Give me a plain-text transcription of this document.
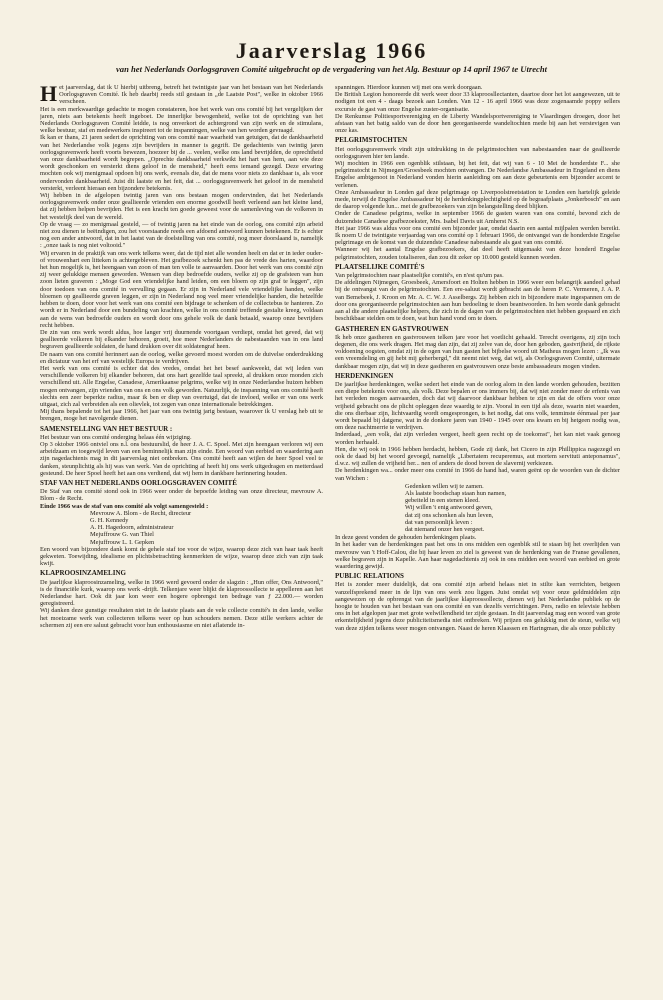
Jaarverslag 1966
van het Nederlands Oorlogsgraven Comité uitgebracht op de vergadering van het Alg. Bestuur op 14 april 1967 te Utrecht

Het jaarverslag, dat ik U hierbij uitbreng, betreft het twintigste jaar van het bestaan van het Nederlands Oorlogsgraven Comité. Ik heb daarbij reeds stil gestaan in „de Laatste Post", welke in oktober 1966 verscheen.

Het is een merkwaardige gedachte te mogen constateren, hoe het werk van ons comité bij het vergelijken der jaren, niets aan betekenis heeft ingeboet. De innerlijke bewogenheid, welke tot de oprichting van het Nederlands Oorlogsgraven Comité leidde, is nog onverkort de achtergrond van zijn werk en de stimulans, welke bestuur, staf en medewerkers inspireert tot de inspanningen, welke van hen worden gevraagd.

Ik kan er thans, 21 jaren sedert de oprichting van ons comité naar waarheid van getuigen, dat de dankbaarheid van het Nederlandse volk jegens zijn bevrijders in manner is gegrift. De gedachtenis van twintig jaren oorlogsgravenwerk heeft voorts bewezen, hoezeer bij de ... veelen, welke ons land bevrijdden, de oprechtheid van onze dankbaarheid wordt begrepen. „Oprechte dankbaarheid verkwikt het hart van hem, aan wie deze wordt geschonken en versterkt diens geloof in de mensheid," heeft eens iemand gezegd. Deze ervaring mochten ook wij menigmaal opdoen bij ons werk, evenals die, dat de mens voor niets zo dankbaar is, als voor ondervonden dankbaarheid. Juist dit laatste en het feit, dat ... oorlogsgravenwerk het geloof in de mensheid versterkt, verleent hieraan een bijzondere betekenis.

Wij hebben in de afgelopen twintig jaren van ons bestaan mogen ondervinden, dat het Nederlands oorlogsgravenwerk onder onze geallieerde vrienden een enorme goodwill heeft verleend aan het kleine land, dat zij hebben helpen bevrijden. Het is een kracht ten goede geweest voor de samenleving van de volkeren in het westelijk deel van de wereld.

Op de vraag — zo menigmaal gesteld, — of twintig jaren na het einde van de oorlog, ons comité zijn arbeid niet zou dienen te beëindigen, zou het voorstaande reeds een afdoend antwoord kunnen betekenen. Er is echter nog een ander antwoord, dat in het laatst van de doelstelling van ons comité, nog meer doorslaand is, namelijk : „onze taak is nog niet voltooid."

Wij ervaren in de praktijk van ons werk telkens weer, dat de tijd niet alle wonden heelt en dat er in ieder ouder- of vrouwenhart een litteken is achtergebleven. Het grafbezoek schenkt hen pas de vrede des harten, waardoor het hun mogelijk is, het heengaan van zoon of man ten volle te aanvaarden. Door het werk van ons comité zijn zij weer gelukkige mensen geworden. Wensen van diep bedroefde ouders, welke zij op de grafsteen van hun zoon lieten graveren : „Moge God een vriendelijke hand leiden, om een bloem op zijn graf te leggen", zijn door toedoen van ons comité in vervulling gegaan. Er zijn in Nederland vele vriendelijke handen, welke bloemen op geallieerde graven leggen, er zijn in Nederland nog veel meer vriendelijke handen, die hetzelfde hebben te doen, door voor het werk van ons comité een bijdrage te schenken of de collectebus te hanteren. Zo wordt er in Nederland door een bundeling van krachten, welke in ons comité treffende gestalte kreeg, voldaan aan de wens van bedroefde ouders en wordt door ons gehele volk de dank betaald, waarop onze bevrijders recht hebben.

De zin van ons werk wordt aldus, hoe langer vrij duurnende voortgaan verdiept, omdat het geved, dat wij geallieerde volkeren bij elkander behoren, groeit, hoe meer Nederlanders de nabestaanden van in ons land begraven geallieerde soldaten, de hand drukken over dit soldatengraf heen.

De naam van ons comité herinnert aan de oorlog, welke gevoerd moest worden om de duivelse onderdrukking en dictatuur van het erf van westelijk Europa te verdrijven.

Het werk van ons comité is echter dat des vredes, omdat het het besef aankweekt, dat wij leden van verschillende volkeren bij elkander behoren, dat ons hart gezelfde taal spreekt, al drukken onze monden zich verschillend uit. Alle Engelse, Canadese, Amerikaanse pelgrims, welke wij in onze Nederlandse huizen hebben mogen ontvangen, zijn vrienden van ons en ons volk geworden. Natuurlijk, de inspanning van ons comité heeft slechts een zeer beperkte radius, maar ik ben er diep van overtuigd, dat de invloed, welke er van ons werk uitgaat, zich zal verbreiden als een olievlek, tot zegen van onze internationale betrekkingen.

Mij thans bepalende tot het jaar 1966, het jaar van ons twintig jarig bestaan, waarover ik U verslag heb uit te brengen, moge het navolgende dienen.

SAMENSTELLING VAN HET BESTUUR :

Het bestuur van ons comité onderging helaas één wijziging.

Op 3 oktober 1966 ontviel ons n.l. ons bestuurslid, de heer J. A. C. Spoel. Met zijn heengaan verloren wij een arbeidzaam en toegewijd leven van een beminnelijk man zijn einde. Een woord van eerbied en waardering aan zijn nagedachtenis mag in dit jaarverslag niet ontbreken. Ons comité heeft aan wijlen de heer Spoel veel te danken, steunplichtig als hij was van werk. Van de oprichting af heeft hij ons werk uitgedragen en metterdaad gesteund. De heer Spoel heeft het aan ons verdiend, dat wij hem in dankbare herinnering houden.

STAF VAN HET NEDERLANDS OORLOGSGRAVEN COMITÉ

De Staf van ons comité stond ook in 1966 weer onder de bepoefde leiding van onze directeur, mevrouw A. Blom - de Recht.

Einde 1966 was de staf van ons comité als volgt samengesteld :

Mevrouw A. Blom - de Recht, directeur
G. H. Kennedy
A. H. Hagedoorn, administrateur
Mejuffrouw G. van Thiel
Mejuffrouw L. I. Gepken

Een woord van bijzondere dank komt de gehele staf toe voor de wijze, waarop deze zich van haar taak heeft gekweten. Toewijding, idealisme en plichtsbetrachting kenmerkten de wijze, waarop deze zich van zijn taak kwijt.

KLAPROOSINZAMELING

De jaarlijkse klaproosinzameling, welke in 1966 werd gevoerd onder de slagzin : „Hun offer, Ons Antwoord," is de financiële kurk, waarop ons werk -drijft. Telkenjare weer blijkt de klaproossollecte te appelleren aan het Nederlandse hart. Ook dit jaar kon weer een hogere opbrengst ten bedrage van ƒ 22.000.— worden geregistreerd.

Wij danken deze gunstige resultaten niet in de laatste plaats aan de vele collecte comité's in den lande, welke het moeizame werk van collecteren telkens weer op hun schouders nemen. Deze stille werkers achter de schermen zij een ere saluut gebracht voor hun enthousiasme en niet aflatende in-

spanningen. Hierdoor kunnen wij met ons werk doorgaan.

De British Legion honoreerde dit werk weer door 33 klaproosllectanten, daartoe door het lot aangewezen, uit te nodigen tot een 4 - daags bezoek aan Londen. Van 12 - 16 april 1966 was deze zogenaamde poppy sellers excursie de gast van onze Engelse zuster-organisatie.

De Renkumse Politiesportvereniging en de Liberty Wandelsportvereniging te Vlaardingen droegen, door het afstaan van het batig saldo van de door hen georganiseerde wandeltochten mede bij aan het verstevigen van onze kas.

PELGRIMSTOCHTEN

Het oorlogsgravenwerk vindt zijn uitdrukking in de pelgrimstochten van nabestaanden naar de geallieerde oorlogsgraven hier ten lande.

Wij mochten in 1966 een ogenblik stilstaan, bij het feit, dat wij van 6 - 10 Mei de honderdste F... she pelgrimstocht in Nijmegen/Groesbeek mochten ontvangen. De Nederlandse Ambassadeur in Engeland en diens Engelse ambtgenoot in Nederland vonden hierin aanleiding om aan deze gebeurtenis een bijzonder accent te verlenen.

Onze Ambassadeur in Londen gaf deze pelgrimage op Liverpoolstreetstation te Londen een hartelijk geleide mede, terwijl de Engelse Ambassadeur bij de herdenkingplechtigheid op de begraafplaats „Jonkerbosch" en aan de daarop volgende lun... met de grafbezoekers van zijn belangstelling deed blijken.

Onder de Canadese pelgrims, welke in september 1966 de gasten waren van ons comité, bevond zich de duizendste Canadese grafbezoekster, Mrs. Isabel Davis uit Amherst N.S.

Het jaar 1966 was aldus voor ons comité een bijzonder jaar, omdat daarin een aantal mijlpalen werden bereikt. Ik noem U de twintigste verjaardag van ons comité op 1 februari 1966, de ontvangst van de honderdste Engelse pelgrimage en de komst van de duizendste Canadese nabestaande als gast van ons comité.

Wanneer wij het aantal Engelse grafbezoekers, dat deel heeft uitgemaakt van deze honderd Engelse pelgrimstochten, zouden totaliseren, dan zou dit zeker op 10.000 gesteld kunnen worden.

PLAATSELIJKE COMITÉ'S

Van pelgrimstochten naar plaatselijke comité's, en n'est qu'um pas.

De afdelingen Nijmegen, Groesbeek, Amersfoort en Holten hebben in 1966 weer een belangrijk aandeel gehad bij de ontvangst van de pelgrimstochten. Een ere-saluut wordt gebracht aan de heren P. C. Vermeren, J. A. P. van Bemebeek, J. Kroon en Mr. A. C. W. J. Asselbergs. Zij hebben zich in bijzondere mate ingespannen om de door ons georganiseerde pelgrimstochten aan hun bedoeling te doen beantwoorden. In hen worde dank gebracht aan al die andere plaatselijke helpers, die zich in de dagen van de pelgrimstochten niet hebben gespaard en zich beschikbaar stelden om te doen, wat hun hand vond om te doen.

GASTHEREN EN GASTVROUWEN

Ik heb onze gastheren en gastvrouwen telken jare voor het voetlicht gehaald. Terecht overigens, zij zijn toch degenen, die ons werk dragen. Het mag dan zijn, dat zij zelve van de, door hen geboden, gastvrijheid, de rijkste voldoening oogsten, omdat zij in de ogen van hun gasten het bijbelse woord uit Matheus mogen lezen : „Ik was een vreemdeling en gij hebt mij geherbergd," dit neemt niet weg, dat wij, als Oorlogsgraven Comité, uitermate dankbaar mogen zijn, dat wij in deze gastheren en gastvrouwen onze beste ambassadeurs mogen vinden.

HERDENKINGEN

De jaarlijkse herdenkingen, welke sedert het einde van de oorlog alom in den lande worden gehouden, bezitten een diepe betekenis voor ons, als volk. Deze bepalen er ons immers bij, dat wij niet zonder meer de erfenis van het verleden mogen aanvaarden, doch dat wij daarvoor dankbaar hebben te zijn en dat de offers voor onze vrijheid gebracht ons de plicht opleggen deze waardig te zijn. Vooral in een tijd als deze, waarin niet waarden, die ons dierbaar zijn, lichtvaardig wordt omgesprongen, is het nodig, dat ons volk, tenminste éénmaal per jaar wordt bepaald bij datgene, wat in de donkere jaren van 1940 - 1945 over ons kwam en bij hetgeen nodig was, om deze nachtmerrie te verdrijven.

Inderdaad, „een volk, dat zijn verleden vergeet, heeft geen recht op de toekomst", het kan niet vaak genoeg worden herhaald.

Hen, die wij ook in 1966 hebben herdacht, hebben, Gode zij dank, het Cicero in zijn Phillippica nagezegd en ook de daad bij het woord gevoegd, namelijk „Libertatem recuperemus, aut mortem servituti anteponamus", d.w.z. wij zullen de vrijheid her... nen of anders de dood boven de slavernij verkiezen.

De herdenkingen wa... onder meer ons comité in 1966 de hand had, waren geënt op de woorden van de dichter van Wichen :

Gedenken willen wij te zamen.
Als laatste boodschap staan hun namen,
gebeiteld in een stenen kleed.
Wij willen 't enig antwoord geven,
dat zij ons schonken als hun leven,
dat van persoonlijk leven :
dat niemand onzer hen vergeet.

In deze geest vonden de gehouden herdenkingen plaats.

In het kader van de herdenkingen past het ons in ons midden een ogenblik stil te staan bij het overlijden van mevrouw van 't Hoff-Calou, die bij haar leven zo ziel is geweest van de herdenking van de Franse gevallenen, welke begraven zijn in Kapelle. Aan haar nagedachtenis zij ook in ons midden een woord van eerbied en grote waardering gewijd.

PUBLIC RELATIONS

Het is zonder meer duidelijk, dat ons comité zijn arbeid helaas niet in stilte kan verrichten, betgeen vanzelfsprekend meer in de lijn van ons werk zou liggen. Juist omdat wij voor onze geldmiddelen zijn aangewezen op de opbrengst van de jaarlijkse klaproossollecte, dienen wij het Nederlandse publiek op de hoogte te houden van het bestaan van ons comité en van dezelfs verrichtingen. Pers, radio en televisie hebben ons in het afgelopen jaar met grote welwillendheid ter zijde gestaan. In dit jaarverslag mag een woord van grote erkentelijkheid jegens deze publiciteitsmedia niet ontbreken. Wij prijzen ons gelukkig met de steun, welke wij van deze zijden telkens weer mogen ontvangen. Naast de heren Klaassen en Haringman, die als onze publicity
